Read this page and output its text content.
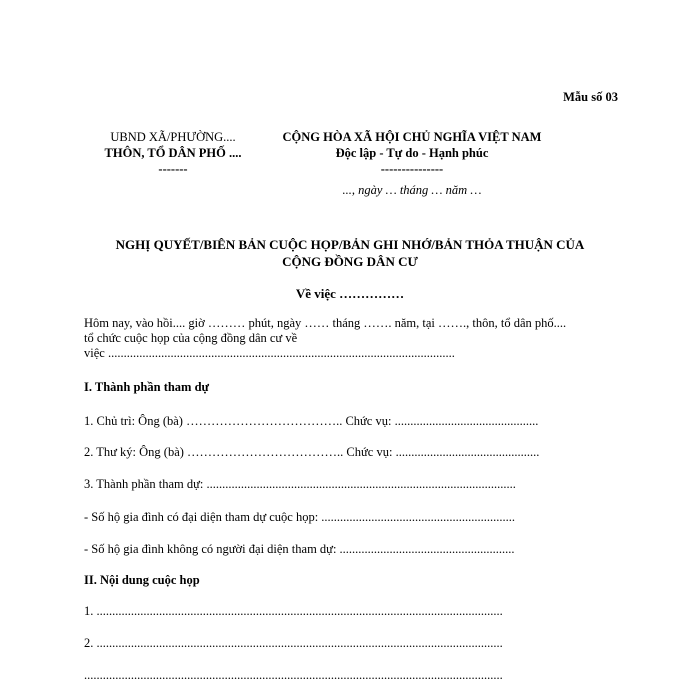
Mẫu số 03
UBND XÃ/PHƯỜNG....
THÔN, TỔ DÂN PHỐ ....
-------
CỘNG HÒA XÃ HỘI CHỦ NGHĨA VIỆT NAM
Độc lập - Tự do - Hạnh phúc
---------------
..., ngày … tháng … năm …
NGHỊ QUYẾT/BIÊN BẢN CUỘC HỌP/BẢN GHI NHỚ/BẢN THỎA THUẬN CỦA
CỘNG ĐỒNG DÂN CƯ
Về việc ……………
Hôm nay, vào hồi.... giờ ……… phút, ngày …… tháng ……. năm, tại ……., thôn, tổ dân phố....
tổ chức cuộc họp của cộng đồng dân cư về
việc ...............................................................................................................
I. Thành phần tham dự
1. Chủ trì: Ông (bà) ……………………………….. Chức vụ: ..............................................
2. Thư ký: Ông (bà) ……………………………….. Chức vụ: ..............................................
3. Thành phần tham dự: ...................................................................................................
- Số hộ gia đình có đại diện tham dự cuộc họp: ..............................................................
- Số hộ gia đình không có người đại diện tham dự: ........................................................
II. Nội dung cuộc họp
1. ..................................................................................................................................
2. ..................................................................................................................................
......................................................................................................................................
